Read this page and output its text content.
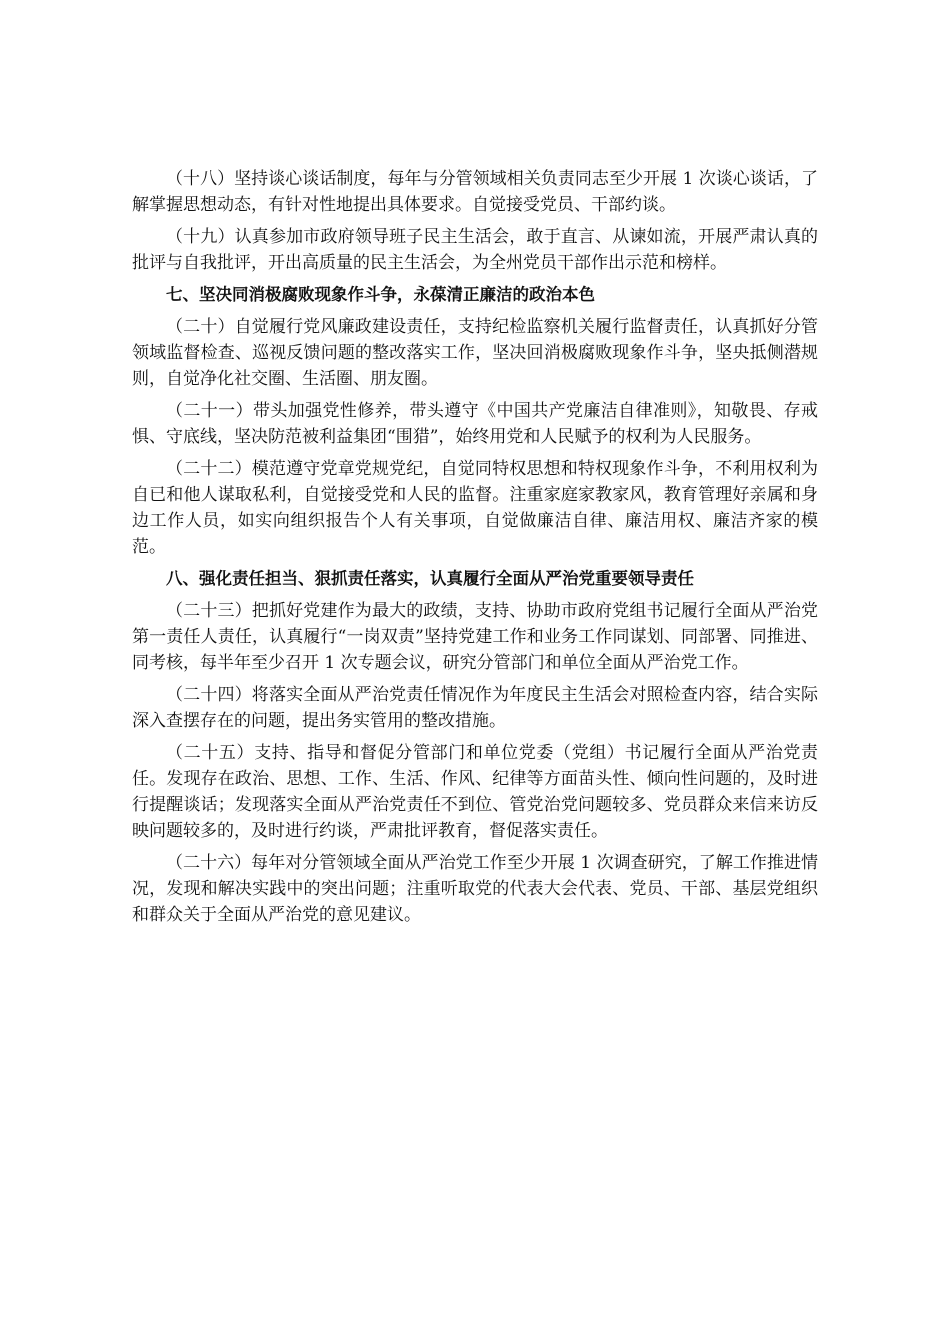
（十八）坚持谈心谈话制度，每年与分管领域相关负责同志至少开展 1 次谈心谈话，了解掌握思想动态，有针对性地提出具体要求。自觉接受党员、干部约谈。

（十九）认真参加市政府领导班子民主生活会，敢于直言、从谏如流，开展严肃认真的批评与自我批评，开出高质量的民主生活会，为全州党员干部作出示范和榜样。

七、坚决同消极腐败现象作斗争，永葆清正廉洁的政治本色

（二十）自觉履行党风廉政建设责任，支持纪检监察机关履行监督责任，认真抓好分管领域监督检查、巡视反馈问题的整改落实工作，坚决回消极腐败现象作斗争，坚央抵侧潜规则，自觉净化社交圈、生活圈、朋友圈。

（二十一）带头加强党性修养，带头遵守《中国共产党廉洁自律准则》，知敬畏、存戒惧、守底线，坚决防范被利益集团“围猎”，始终用党和人民赋予的权利为人民服务。

（二十二）模范遵守党章党规党纪，自觉同特权思想和特权现象作斗争，不利用权利为自已和他人谋取私利，自觉接受党和人民的监督。注重家庭家教家风，教育管理好亲属和身边工作人员，如实向组织报告个人有关事项，自觉做廉洁自律、廉洁用权、廉洁齐家的模范。

八、强化责任担当、狠抓责任落实，认真履行全面从严治党重要领导责任

（二十三）把抓好党建作为最大的政绩，支持、协助市政府党组书记履行全面从严治党第一责任人责任，认真履行“一岗双责”坚持党建工作和业务工作同谋划、同部署、同推进、同考核，每半年至少召开 1 次专题会议，研究分管部门和单位全面从严治党工作。

（二十四）将落实全面从严治党责任情况作为年度民主生活会对照检查内容，结合实际深入查摆存在的问题，提出务实管用的整改措施。

（二十五）支持、指导和督促分管部门和单位党委（党组）书记履行全面从严治党责任。发现存在政治、思想、工作、生活、作风、纪律等方面苗头性、倾向性问题的，及时进行提醒谈话；发现落实全面从严治党责任不到位、管党治党问题较多、党员群众来信来访反映问题较多的，及时进行约谈，严肃批评教育，督促落实责任。

（二十六）每年对分管领域全面从严治党工作至少开展 1 次调查研究，了解工作推进情况，发现和解决实践中的突出问题；注重听取党的代表大会代表、党员、干部、基层党组织和群众关于全面从严治党的意见建议。
